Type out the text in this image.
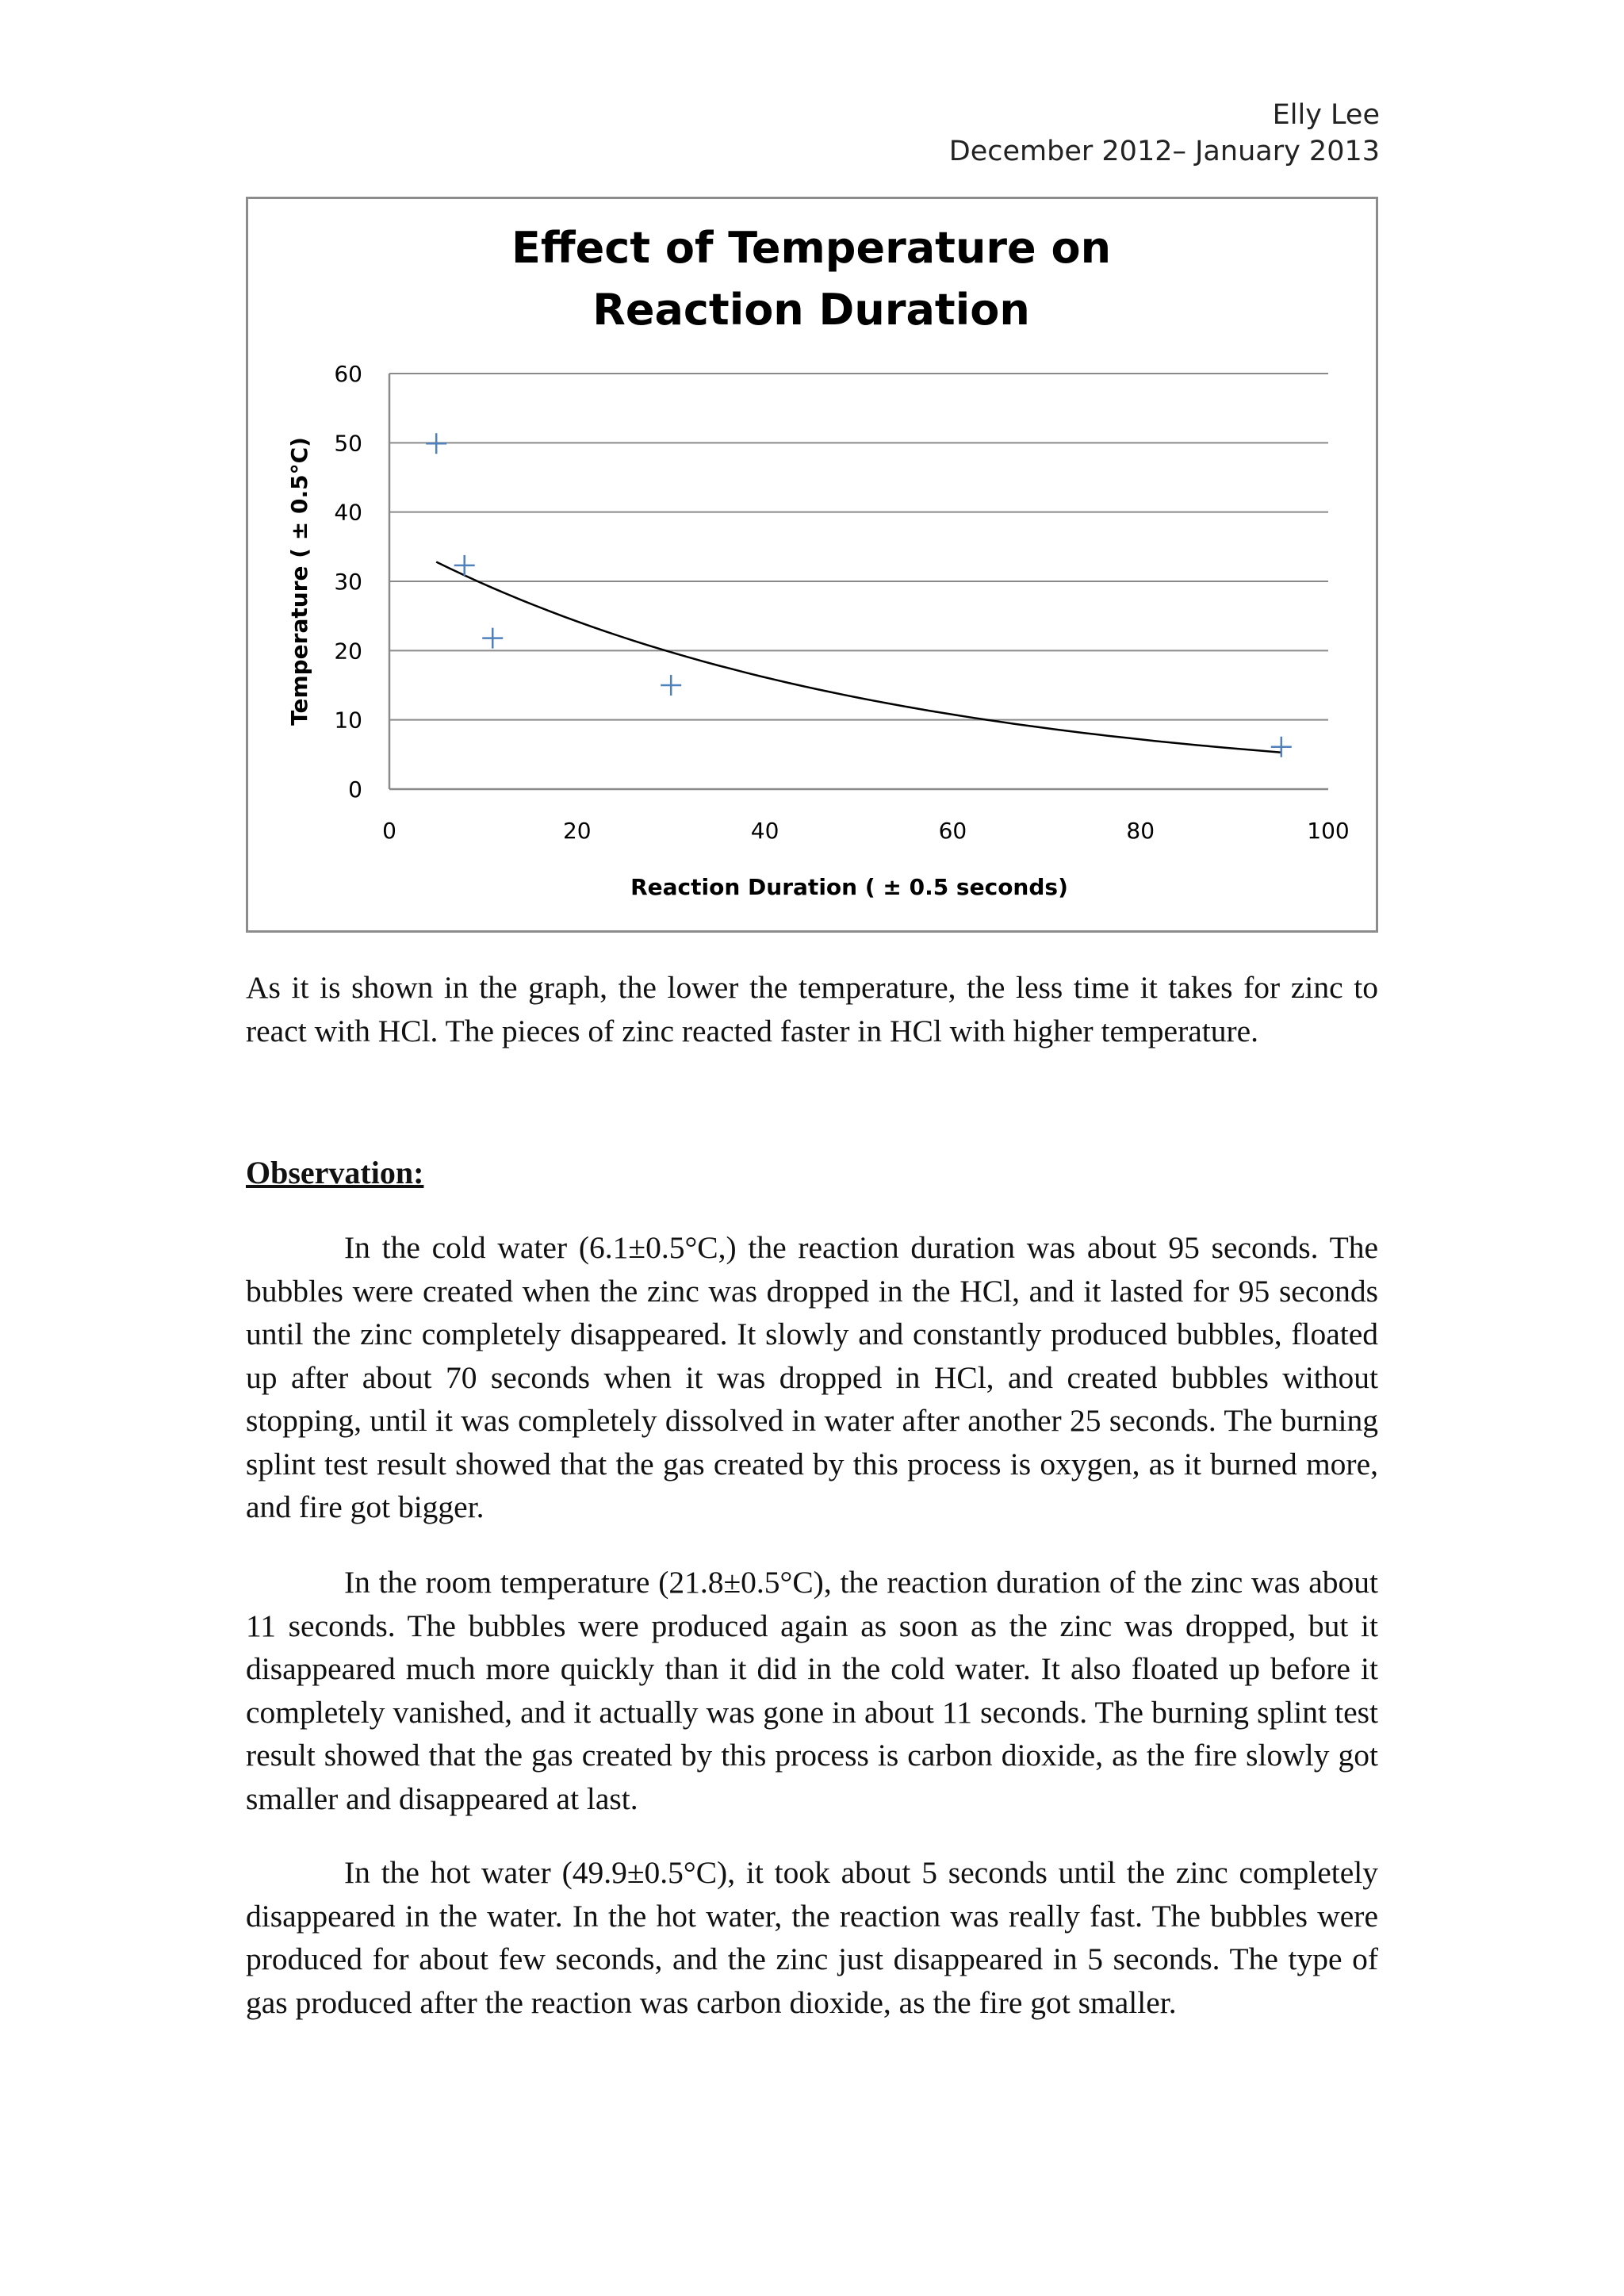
Elly Lee
December 2012– January 2013
Effect of Temperature on
Reaction Duration
0
10
20
30
40
50
60
0	20	40	60	80	100
Reaction Duration ( ± 0.5 seconds)
Temperature ( ± 0.5°C)

As it is shown in the graph, the lower the temperature, the less time it takes for zinc to react with HCl. The pieces of zinc reacted faster in HCl with higher temperature.

Observation:

In the cold water (6.1±0.5°C,) the reaction duration was about 95 seconds. The bubbles were created when the zinc was dropped in the HCl, and it lasted for 95 seconds until the zinc completely disappeared. It slowly and constantly produced bubbles, floated up after about 70 seconds when it was dropped in HCl, and created bubbles without stopping, until it was completely dissolved in water after another 25 seconds. The burning splint test result showed that the gas created by this process is oxygen, as it burned more, and fire got bigger.

In the room temperature (21.8±0.5°C), the reaction duration of the zinc was about 11 seconds. The bubbles were produced again as soon as the zinc was dropped, but it disappeared much more quickly than it did in the cold water. It also floated up before it completely vanished, and it actually was gone in about 11 seconds. The burning splint test result showed that the gas created by this process is carbon dioxide, as the fire slowly got smaller and disappeared at last.

In the hot water (49.9±0.5°C), it took about 5 seconds until the zinc completely disappeared in the water. In the hot water, the reaction was really fast. The bubbles were produced for about few seconds, and the zinc just disappeared in 5 seconds. The type of gas produced after the reaction was carbon dioxide, as the fire got smaller.
